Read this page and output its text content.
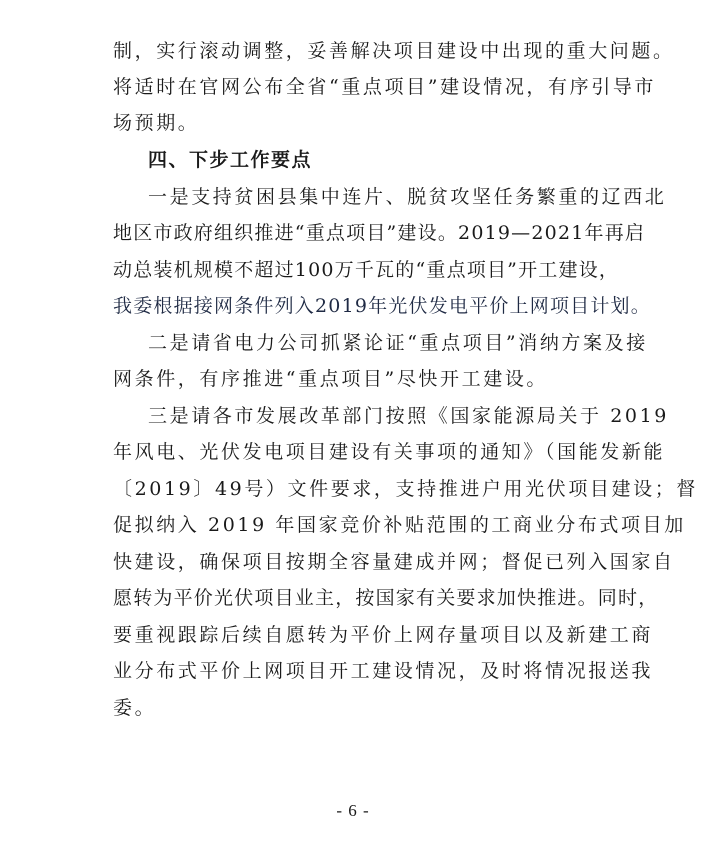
制，实行滚动调整，妥善解决项目建设中出现的重大问题。
将适时在官网公布全省“重点项目”建设情况，有序引导市
场预期。
四、下步工作要点
一是支持贫困县集中连片、脱贫攻坚任务繁重的辽西北
地区市政府组织推进“重点项目”建设。2019—2021年再启
动总装机规模不超过100万千瓦的“重点项目”开工建设，
我委根据接网条件列入2019年光伏发电平价上网项目计划。
二是请省电力公司抓紧论证“重点项目”消纳方案及接
网条件，有序推进“重点项目”尽快开工建设。
三是请各市发展改革部门按照《国家能源局关于 2019
年风电、光伏发电项目建设有关事项的通知》（国能发新能
〔2019〕49号）文件要求，支持推进户用光伏项目建设；督
促拟纳入 2019 年国家竞价补贴范围的工商业分布式项目加
快建设，确保项目按期全容量建成并网；督促已列入国家自
愿转为平价光伏项目业主，按国家有关要求加快推进。同时，
要重视跟踪后续自愿转为平价上网存量项目以及新建工商
业分布式平价上网项目开工建设情况，及时将情况报送我
委。
- 6 -
